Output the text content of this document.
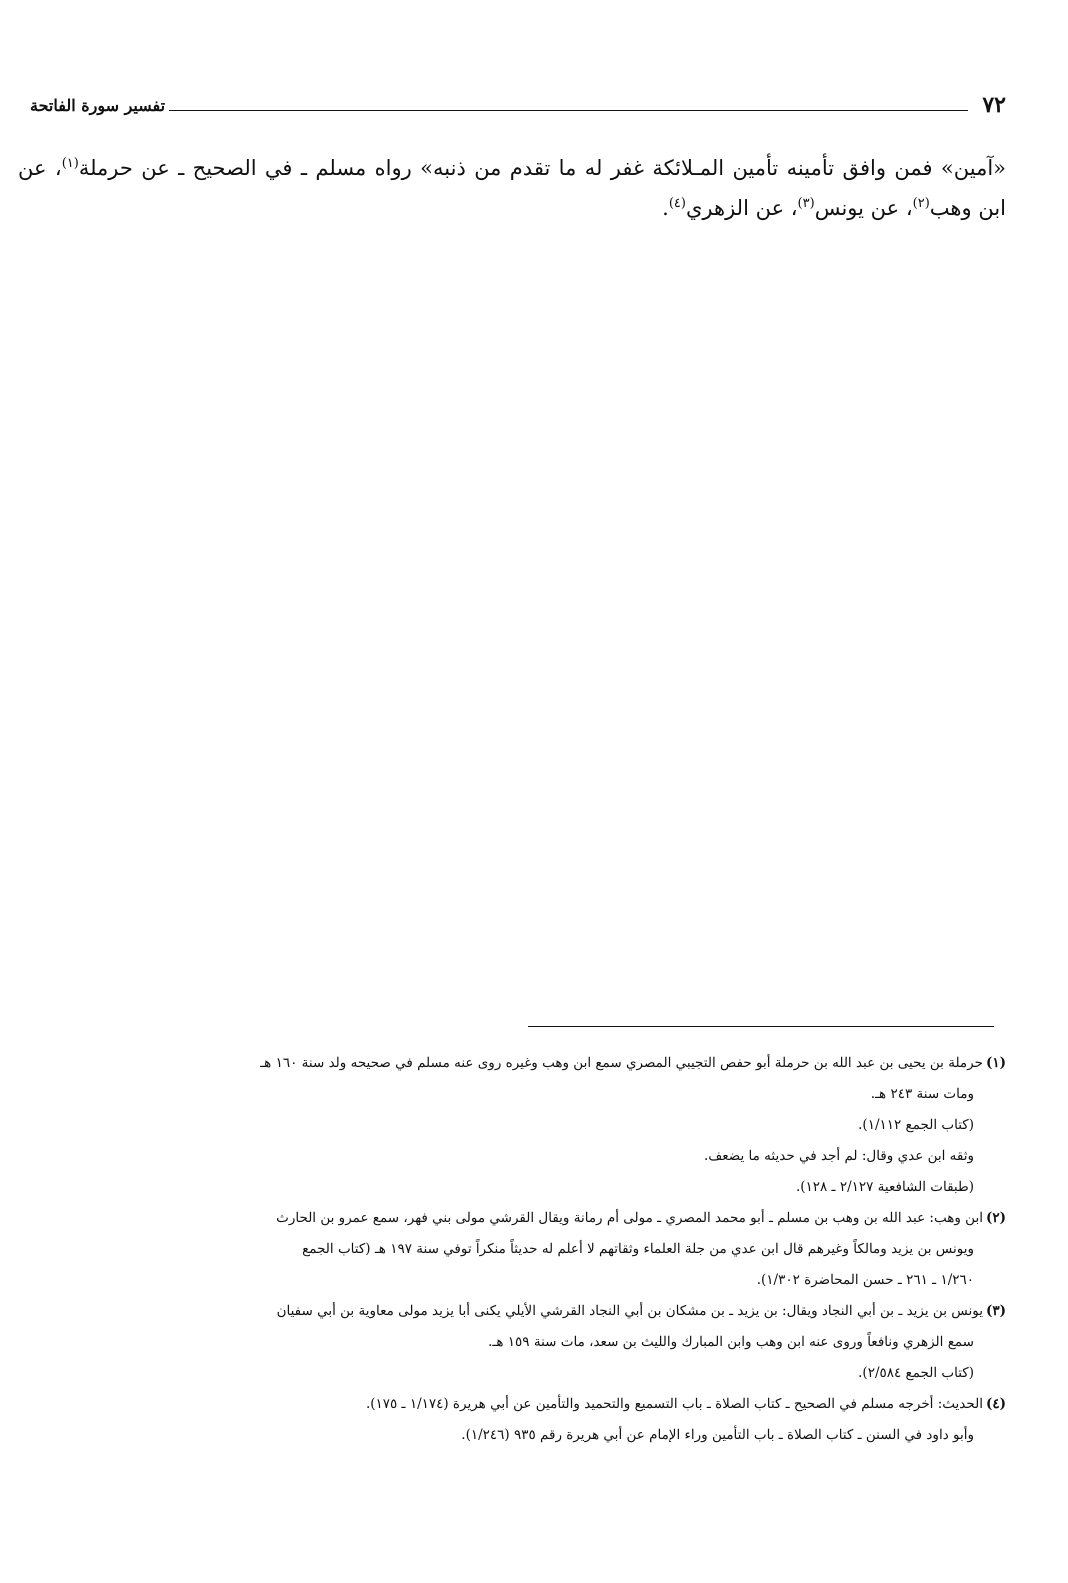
٧٢
تفسير سورة الفاتحة

«آمين» فمن وافق تأمينه تأمين المـلائكة غفر له ما تقدم من ذنبه» رواه مسلم ـ في الصحيح ـ عن حرملة$^{(١)}$، عن ابن وهب$^{(٢)}$، عن يونس$^{(٣)}$، عن الزهري$^{(٤)}$.

(١)حرملة بن يحيى بن عبد الله بن حرملة أبو حفص التجيبي المصري سمع ابن وهب وغيره روى عنه مسلم في صحيحه ولد سنة ١٦٠ هـ
ومات سنة ٢٤٣ هـ.
(كتاب الجمع ١/١١٢).
وثقه ابن عدي وقال: لم أجد في حديثه ما يضعف.
(طبقات الشافعية ٢/١٢٧ ـ ١٢٨).
(٢)ابن وهب: عبد الله بن وهب بن مسلم ـ أبو محمد المصري ـ مولى أم رمانة ويقال القرشي مولى بني فهر، سمع عمرو بن الحارث
ويونس بن يزيد ومالكاً وغيرهم قال ابن عدي من جلة العلماء وثقاتهم لا أعلم له حديثاً منكراً توفي سنة ١٩٧ هـ (كتاب الجمع
١/٢٦٠ ـ ٢٦١ ـ حسن المحاضرة ١/٣٠٢).
(٣)يونس بن يزيد ـ بن أبي النجاد ويقال: بن يزيد ـ بن مشكان بن أبي النجاد القرشي الأيلي يكنى أبا يزيد مولى معاوية بن أبي سفيان
سمع الزهري ونافعاً وروى عنه ابن وهب وابن المبارك والليث بن سعد، مات سنة ١٥٩ هـ.
(كتاب الجمع ٢/٥٨٤).
(٤)الحديث: أخرجه مسلم في الصحيح ـ كتاب الصلاة ـ باب التسميع والتحميد والتأمين عن أبي هريرة (١/١٧٤ ـ ١٧٥).
وأبو داود في السنن ـ كتاب الصلاة ـ باب التأمين وراء الإمام عن أبي هريرة رقم ٩٣٥ (١/٢٤٦).
